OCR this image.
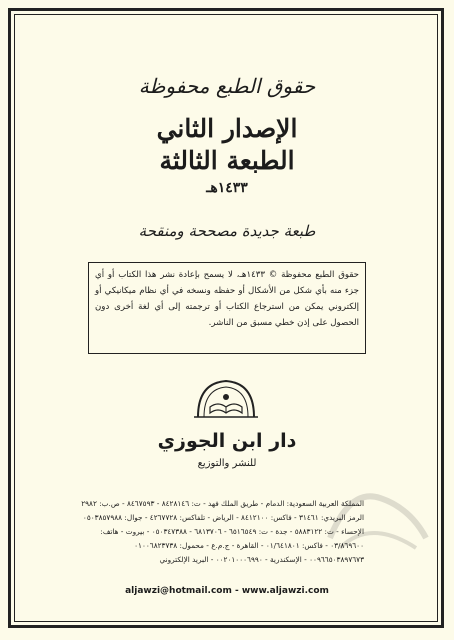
حقوق الطبع محفوظة
الإصدار الثاني
الطبعة الثالثة
١٤٣٣هـ
طبعة جديدة مصححة ومنقحة
حقوق الطبع محفوظة © ١٤٣٣هـ، لا يسمح بإعادة نشر هذا الكتاب أو أي جزء منه بأي شكل من الأشكال أو حفظه ونسخه في أي نظام ميكانيكي أو إلكتروني يمكن من استرجاع الكتاب أو ترجمته إلى أي لغة أخرى دون الحصول على إذن خطي مسبق من الناشر.
دار ابن الجوزي
للنشر والتوزيع
المملكة العربية السعودية: الدمام - طريق الملك فهد - ت: ٨٤٢٨١٤٦ - ٨٤٦٧٥٩٣ - ص.ب: ٢٩٨٢
الرمز البريدي: ٣١٤٦١ - فاكس: ٨٤١٢١٠٠ - الرياض - تلفاكس: ٤٢٦٧٧٢٨ - جوال: ٠٥٠٣٨٥٧٩٨٨
الإحساء - ت: ٥٨٨٣١٢٢ - جدة - ت: ٦٥١٦٥٤٩ - ٦٨١٣٧٠٦ - ٠٥٠٣٤٧٣٨٨ - بيروت - هاتف:
٠٣/٨٦٩٦٠٠ - فاكس: ٠١/٦٤١٨٠١ - القاهرة - ج.م.ع - محمول: ٠١٠٠٦٨٢٣٧٣٨
٠٠٩٦٦٥٠٣٨٩٧٦٧٣ - الإسكندرية - ٠٠٢٠١٠٠٠٦٩٩٠ - البريد الإلكتروني
aljawzi@hotmail.com - www.aljawzi.com
